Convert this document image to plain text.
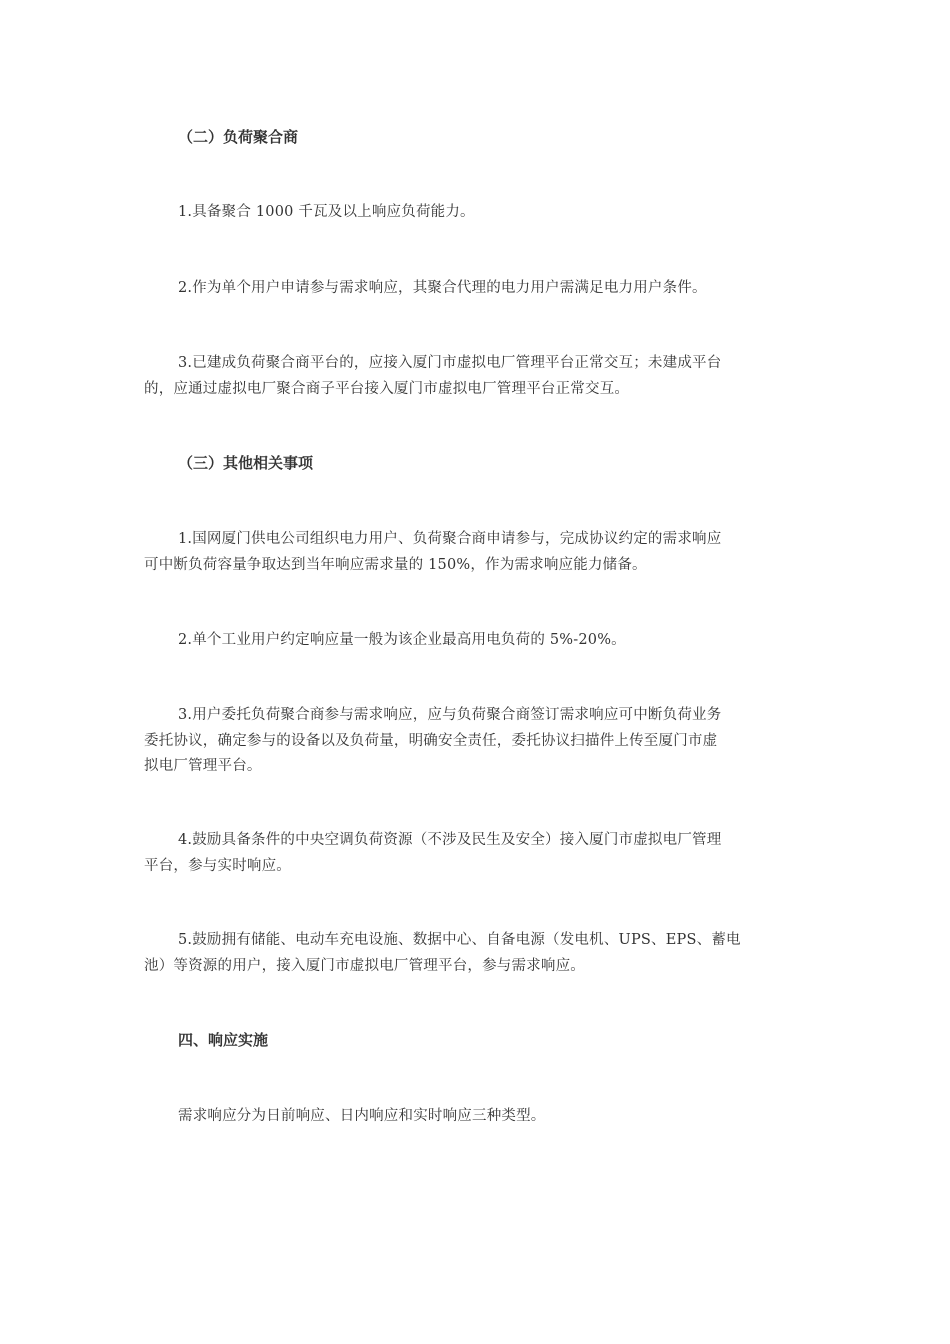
（二）负荷聚合商

1.具备聚合 1000 千瓦及以上响应负荷能力。

2.作为单个用户申请参与需求响应，其聚合代理的电力用户需满足电力用户条件。

3.已建成负荷聚合商平台的，应接入厦门市虚拟电厂管理平台正常交互；未建成平台
的，应通过虚拟电厂聚合商子平台接入厦门市虚拟电厂管理平台正常交互。

（三）其他相关事项

1.国网厦门供电公司组织电力用户、负荷聚合商申请参与，完成协议约定的需求响应
可中断负荷容量争取达到当年响应需求量的 150%，作为需求响应能力储备。

2.单个工业用户约定响应量一般为该企业最高用电负荷的 5%-20%。

3.用户委托负荷聚合商参与需求响应，应与负荷聚合商签订需求响应可中断负荷业务
委托协议，确定参与的设备以及负荷量，明确安全责任，委托协议扫描件上传至厦门市虚
拟电厂管理平台。

4.鼓励具备条件的中央空调负荷资源（不涉及民生及安全）接入厦门市虚拟电厂管理
平台，参与实时响应。

5.鼓励拥有储能、电动车充电设施、数据中心、自备电源（发电机、UPS、EPS、蓄电
池）等资源的用户，接入厦门市虚拟电厂管理平台，参与需求响应。

四、响应实施

需求响应分为日前响应、日内响应和实时响应三种类型。
